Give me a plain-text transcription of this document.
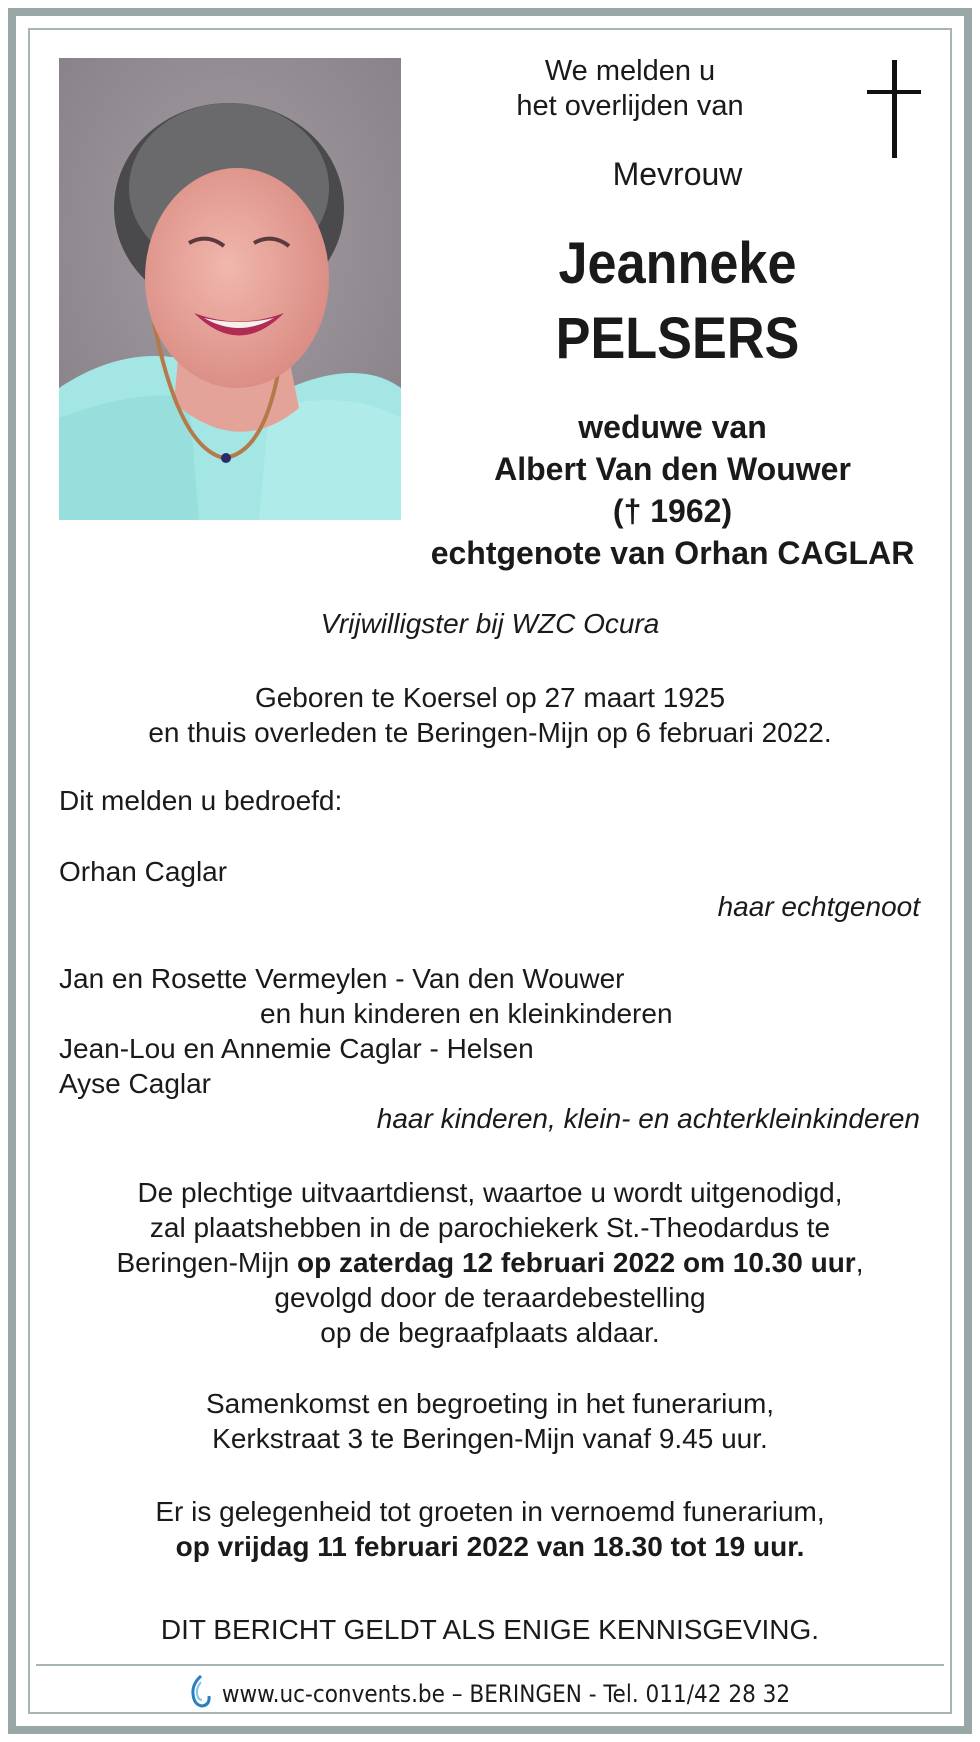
We melden u
het overlijden van
Mevrouw
Jeanneke
PELSERS
weduwe van
Albert Van den Wouwer
(† 1962)
echtgenote van Orhan CAGLAR
Vrijwilligster bij WZC Ocura
Geboren te Koersel op 27 maart 1925
en thuis overleden te Beringen-Mijn op 6 februari 2022.
Dit melden u bedroefd:
Orhan Caglar
haar echtgenoot
Jan en Rosette Vermeylen - Van den Wouwer
en hun kinderen en kleinkinderen
Jean-Lou en Annemie Caglar - Helsen
Ayse Caglar
haar kinderen, klein- en achterkleinkinderen
De plechtige uitvaartdienst, waartoe u wordt uitgenodigd,
zal plaatshebben in de parochiekerk St.-Theodardus te
Beringen-Mijn op zaterdag 12 februari 2022 om 10.30 uur,
gevolgd door de teraardebestelling
op de begraafplaats aldaar.
Samenkomst en begroeting in het funerarium,
Kerkstraat 3 te Beringen-Mijn vanaf 9.45 uur.
Er is gelegenheid tot groeten in vernoemd funerarium,
op vrijdag 11 februari 2022 van 18.30 tot 19 uur.
DIT BERICHT GELDT ALS ENIGE KENNISGEVING.
www.uc-convents.be – BERINGEN - Tel. 011/42 28 32
